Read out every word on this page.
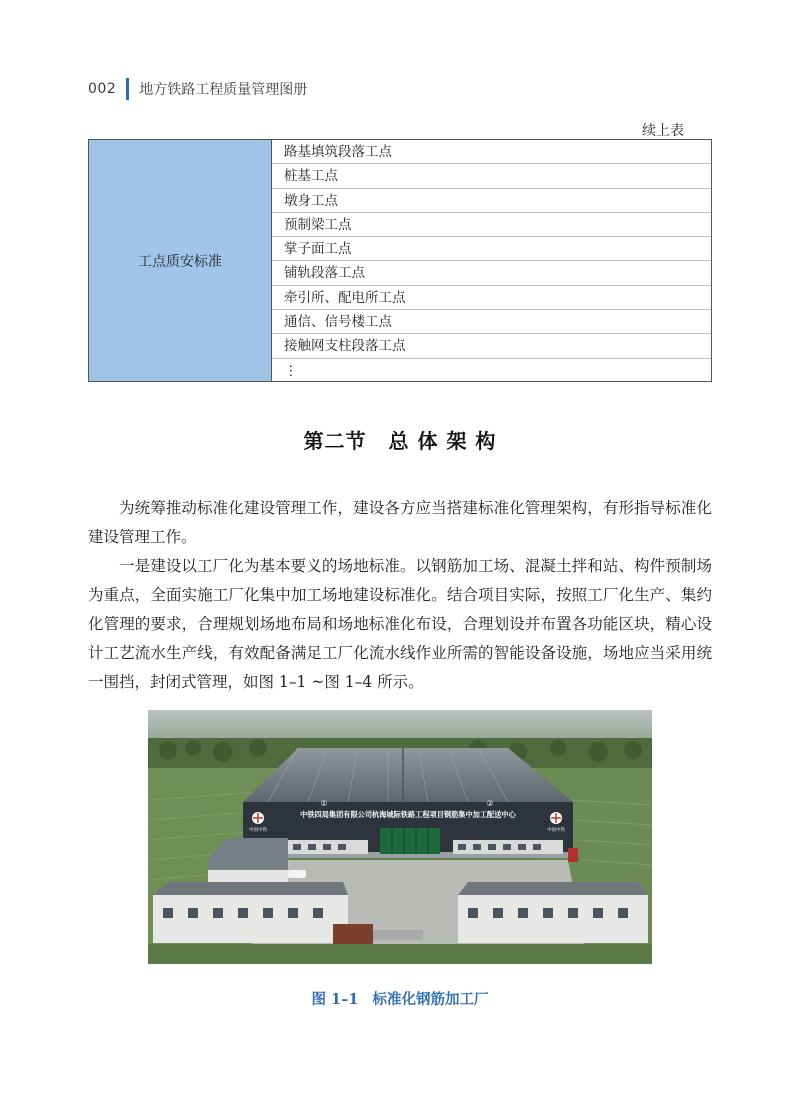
002 地方铁路工程质量管理图册
续上表
工点质安标准
路基填筑段落工点
桩基工点
墩身工点
预制梁工点
掌子面工点
铺轨段落工点
牵引所、配电所工点
通信、信号楼工点
接触网支柱段落工点
⋮
第二节 总 体 架 构

为统筹推动标准化建设管理工作，建设各方应当搭建标准化管理架构，有形指导标准化建设管理工作。

一是建设以工厂化为基本要义的场地标准。以钢筋加工场、混凝土拌和站、构件预制场为重点，全面实施工厂化集中加工场地建设标准化。结合项目实际，按照工厂化生产、集约化管理的要求，合理规划场地布局和场地标准化布设，合理划设并布置各功能区块，精心设计工艺流水生产线，有效配备满足工厂化流水线作业所需的智能设备设施，场地应当采用统一围挡，封闭式管理，如图 1–1 ~图 1–4 所示。

中铁四局集团有限公司杭海城际铁路工程项目钢筋集中加工配送中心
①	②
中国中铁	中国中铁
图 1–1 标准化钢筋加工厂
